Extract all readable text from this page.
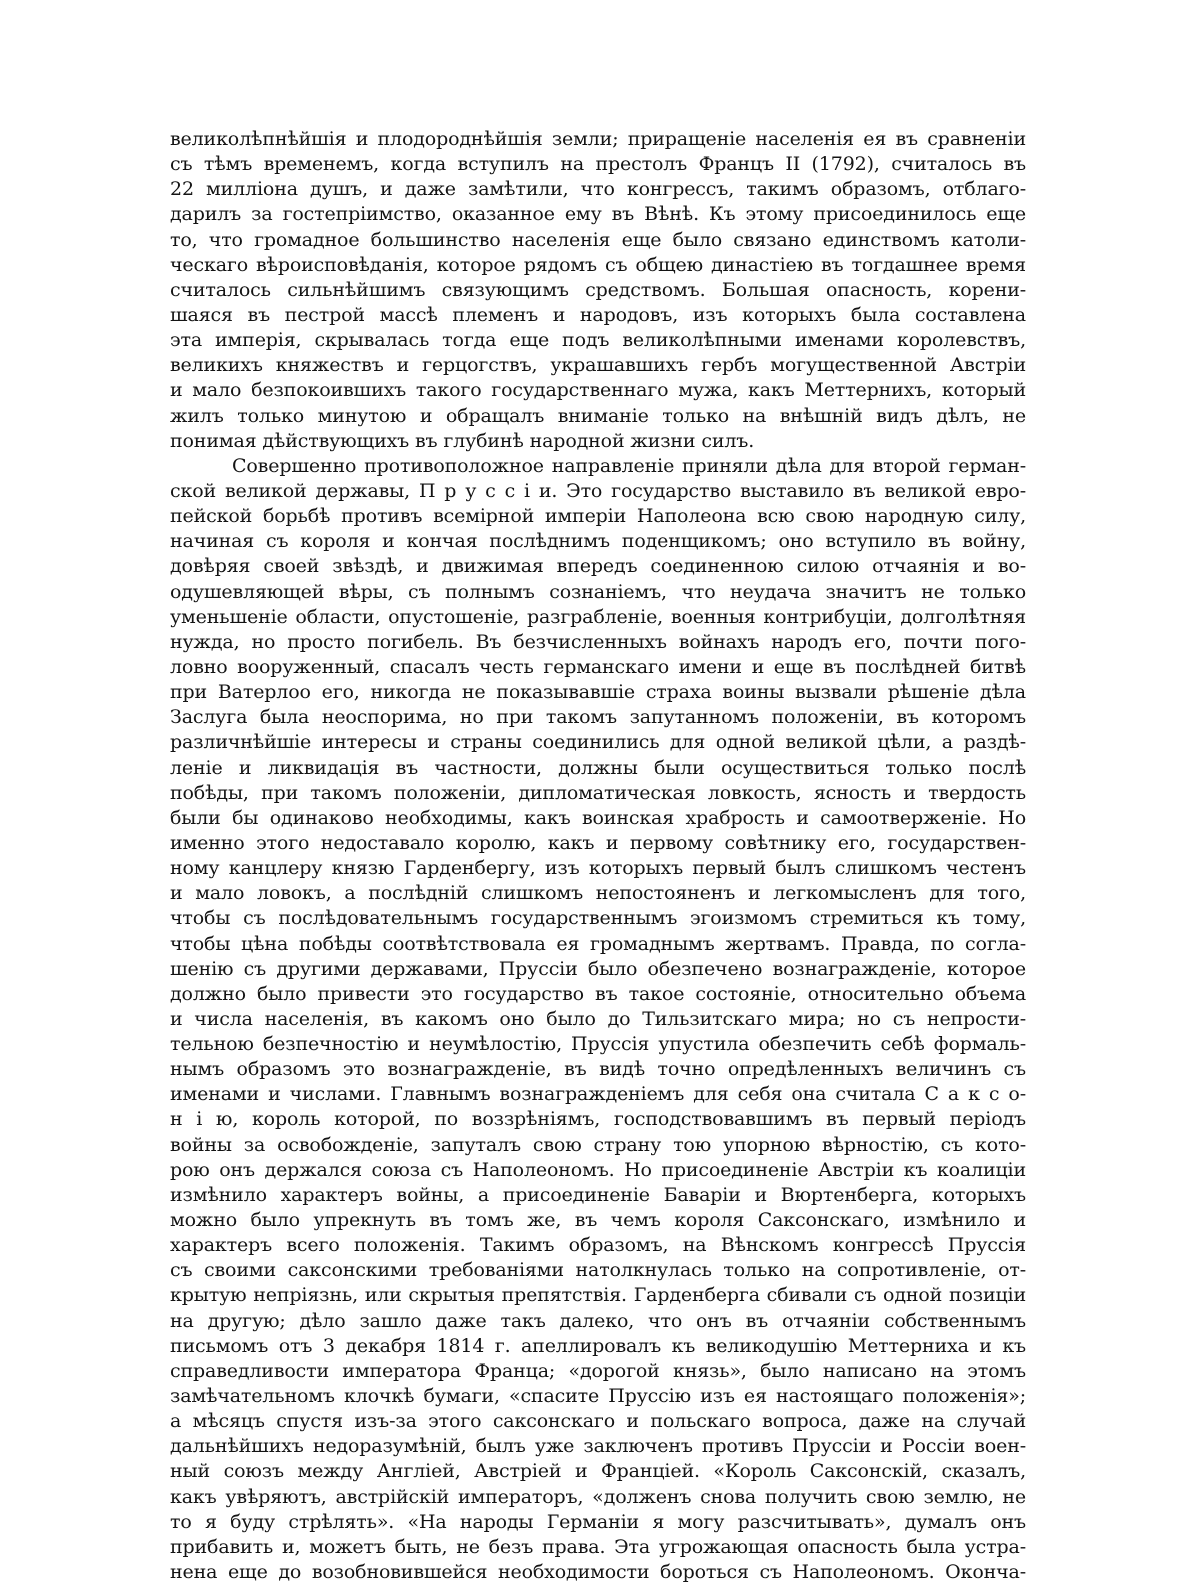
великолѣпнѣйшія и плодороднѣйшія земли; приращеніе населенія ея въ сравненіи
съ тѣмъ временемъ, когда вступилъ на престолъ Францъ II (1792), считалось въ
22 милліона душъ, и даже замѣтили, что конгрессъ, такимъ образомъ, отблаго-
дарилъ за гостепріимство, оказанное ему въ Вѣнѣ. Къ этому присоединилось еще
то, что громадное большинство населенія еще было связано единствомъ католи-
ческаго вѣроисповѣданія, которое рядомъ съ общею династіею въ тогдашнее время
считалось сильнѣйшимъ связующимъ средствомъ. Большая опасность, корени-
шаяся въ пестрой массѣ племенъ и народовъ, изъ которыхъ была составлена
эта имперія, скрывалась тогда еще подъ великолѣпными именами королевствъ,
великихъ княжествъ и герцогствъ, украшавшихъ гербъ могущественной Австріи
и мало безпокоившихъ такого государственнаго мужа, какъ Меттернихъ, который
жилъ только минутою и обращалъ вниманіе только на внѣшній видъ дѣлъ, не
понимая дѣйствующихъ въ глубинѣ народной жизни силъ.
Совершенно противоположное направленіе приняли дѣла для второй герман-
ской великой державы, П р у с с і и. Это государство выставило въ великой евро-
пейской борьбѣ противъ всемірной имперіи Наполеона всю свою народную силу,
начиная съ короля и кончая послѣднимъ поденщикомъ; оно вступило въ войну,
довѣряя своей звѣздѣ, и движимая впередъ соединенною силою отчаянія и во-
одушевляющей вѣры, съ полнымъ сознаніемъ, что неудача значитъ не только
уменьшеніе области, опустошеніе, разграбленіе, военныя контрибуціи, долголѣтняя
нужда, но просто погибель. Въ безчисленныхъ войнахъ народъ его, почти пого-
ловно вооруженный, спасалъ честь германскаго имени и еще въ послѣдней битвѣ
при Ватерлоо его, никогда не показывавшіе страха воины вызвали рѣшеніе дѣла
Заслуга была неоспорима, но при такомъ запутанномъ положеніи, въ которомъ
различнѣйшіе интересы и страны соединились для одной великой цѣли, а раздѣ-
леніе и ликвидація въ частности, должны были осуществиться только послѣ
побѣды, при такомъ положеніи, дипломатическая ловкость, ясность и твердость
были бы одинаково необходимы, какъ воинская храбрость и самоотверженіе. Но
именно этого недоставало королю, какъ и первому совѣтнику его, государствен-
ному канцлеру князю Гарденбергу, изъ которыхъ первый былъ слишкомъ честенъ
и мало ловокъ, а послѣдній слишкомъ непостояненъ и легкомысленъ для того,
чтобы съ послѣдовательнымъ государственнымъ эгоизмомъ стремиться къ тому,
чтобы цѣна побѣды соотвѣтствовала ея громаднымъ жертвамъ. Правда, по согла-
шенію съ другими державами, Пруссіи было обезпечено вознагражденіе, которое
должно было привести это государство въ такое состояніе, относительно объема
и числа населенія, въ какомъ оно было до Тильзитскаго мира; но съ непрости-
тельною безпечностію и неумѣлостію, Пруссія упустила обезпечить себѣ формаль-
нымъ образомъ это вознагражденіе, въ видѣ точно опредѣленныхъ величинъ съ
именами и числами. Главнымъ вознагражденіемъ для себя она считала С а к с о-
н і ю, король которой, по воззрѣніямъ, господствовавшимъ въ первый періодъ
войны за освобожденіе, запуталъ свою страну тою упорною вѣрностію, съ кото-
рою онъ держался союза съ Наполеономъ. Но присоединеніе Австріи къ коалиціи
измѣнило характеръ войны, а присоединеніе Баваріи и Вюртенберга, которыхъ
можно было упрекнуть въ томъ же, въ чемъ короля Саксонскаго, измѣнило и
характеръ всего положенія. Такимъ образомъ, на Вѣнскомъ конгрессѣ Пруссія
съ своими саксонскими требованіями натолкнулась только на сопротивленіе, от-
крытую непріязнь, или скрытыя препятствія. Гарденберга сбивали съ одной позиціи
на другую; дѣло зашло даже такъ далеко, что онъ въ отчаяніи собственнымъ
письмомъ отъ 3 декабря 1814 г. апеллировалъ къ великодушію Меттерниха и къ
справедливости императора Франца; «дорогой князь», было написано на этомъ
замѣчательномъ клочкѣ бумаги, «спасите Пруссію изъ ея настоящаго положенія»;
а мѣсяцъ спустя изъ-за этого саксонскаго и польскаго вопроса, даже на случай
дальнѣйшихъ недоразумѣній, былъ уже заключенъ противъ Пруссіи и Россіи воен-
ный союзъ между Англіей, Австріей и Франціей. «Король Саксонскій, сказалъ,
какъ увѣряютъ, австрійскій императоръ, «долженъ снова получить свою землю, не
то я буду стрѣлять». «На народы Германіи я могу разсчитывать», думалъ онъ
прибавить и, можетъ быть, не безъ права. Эта угрожающая опасность была устра-
нена еще до возобновившейся необходимости бороться съ Наполеономъ. Оконча-
